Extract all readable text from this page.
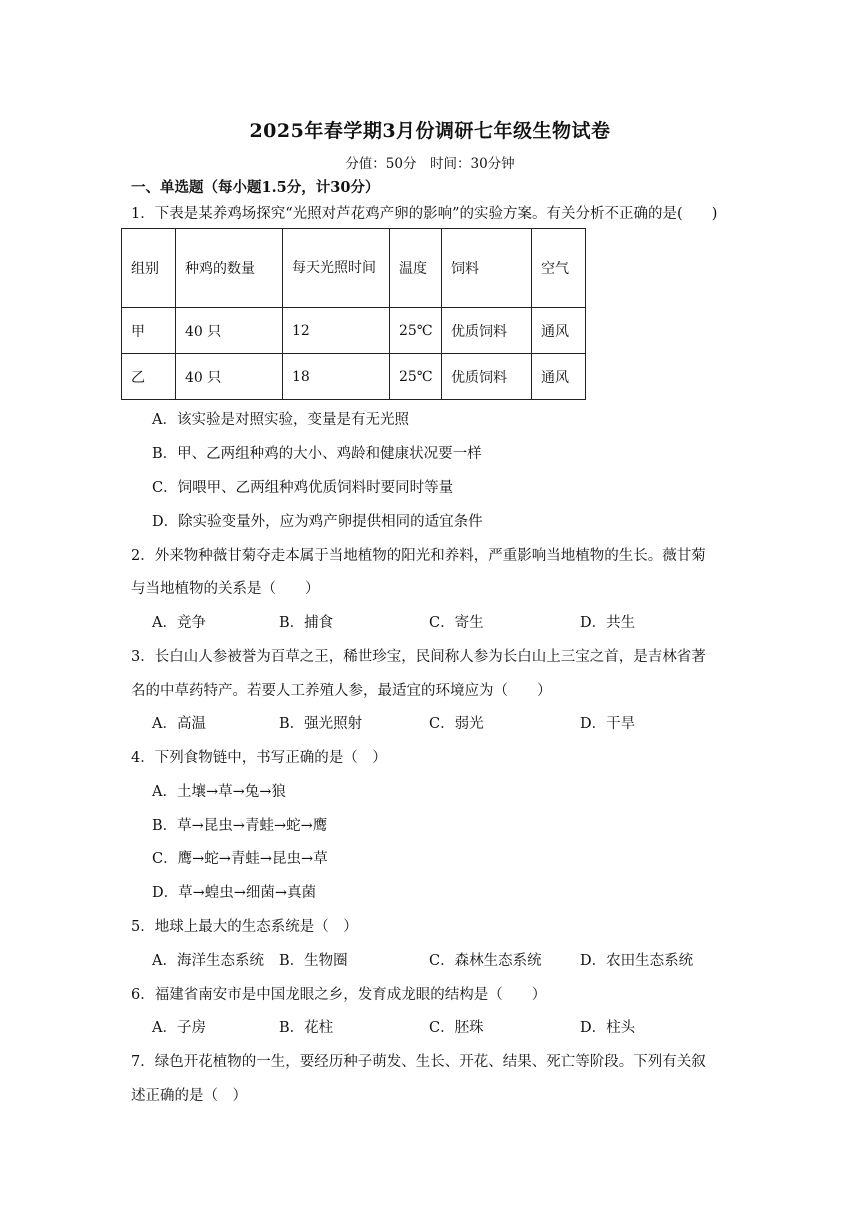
2025年春学期3月份调研七年级生物试卷
分值：50分　时间：30分钟
一、单选题（每小题1.5分，计30分）
1．下表是某养鸡场探究“光照对芦花鸡产卵的影响”的实验方案。有关分析不正确的是(　　)
组别	种鸡的数量	每天光照时间	温度	饲料	空气
甲	40 只	12	25℃	优质饲料	通风
乙	40 只	18	25℃	优质饲料	通风
A．该实验是对照实验，变量是有无光照
B．甲、乙两组种鸡的大小、鸡龄和健康状况要一样
C．饲喂甲、乙两组种鸡优质饲料时要同时等量
D．除实验变量外，应为鸡产卵提供相同的适宜条件
2．外来物种薇甘菊夺走本属于当地植物的阳光和养料，严重影响当地植物的生长。薇甘菊
与当地植物的关系是（　　）
A．竞争	B．捕食	C．寄生	D．共生
3．长白山人参被誉为百草之王，稀世珍宝，民间称人参为长白山上三宝之首，是吉林省著
名的中草药特产。若要人工养殖人参，最适宜的环境应为（　　）
A．高温	B．强光照射	C．弱光	D．干旱
4．下列食物链中，书写正确的是（　）
A．土壤→草→兔→狼
B．草→昆虫→青蛙→蛇→鹰
C．鹰→蛇→青蛙→昆虫→草
D．草→蝗虫→细菌→真菌
5．地球上最大的生态系统是（　）
A．海洋生态系统 B．生物圈	C．森林生态系统	D．农田生态系统
6．福建省南安市是中国龙眼之乡，发育成龙眼的结构是（　　）
A．子房	B．花柱	C．胚珠	D．柱头
7．绿色开花植物的一生，要经历种子萌发、生长、开花、结果、死亡等阶段。下列有关叙
述正确的是（　）
